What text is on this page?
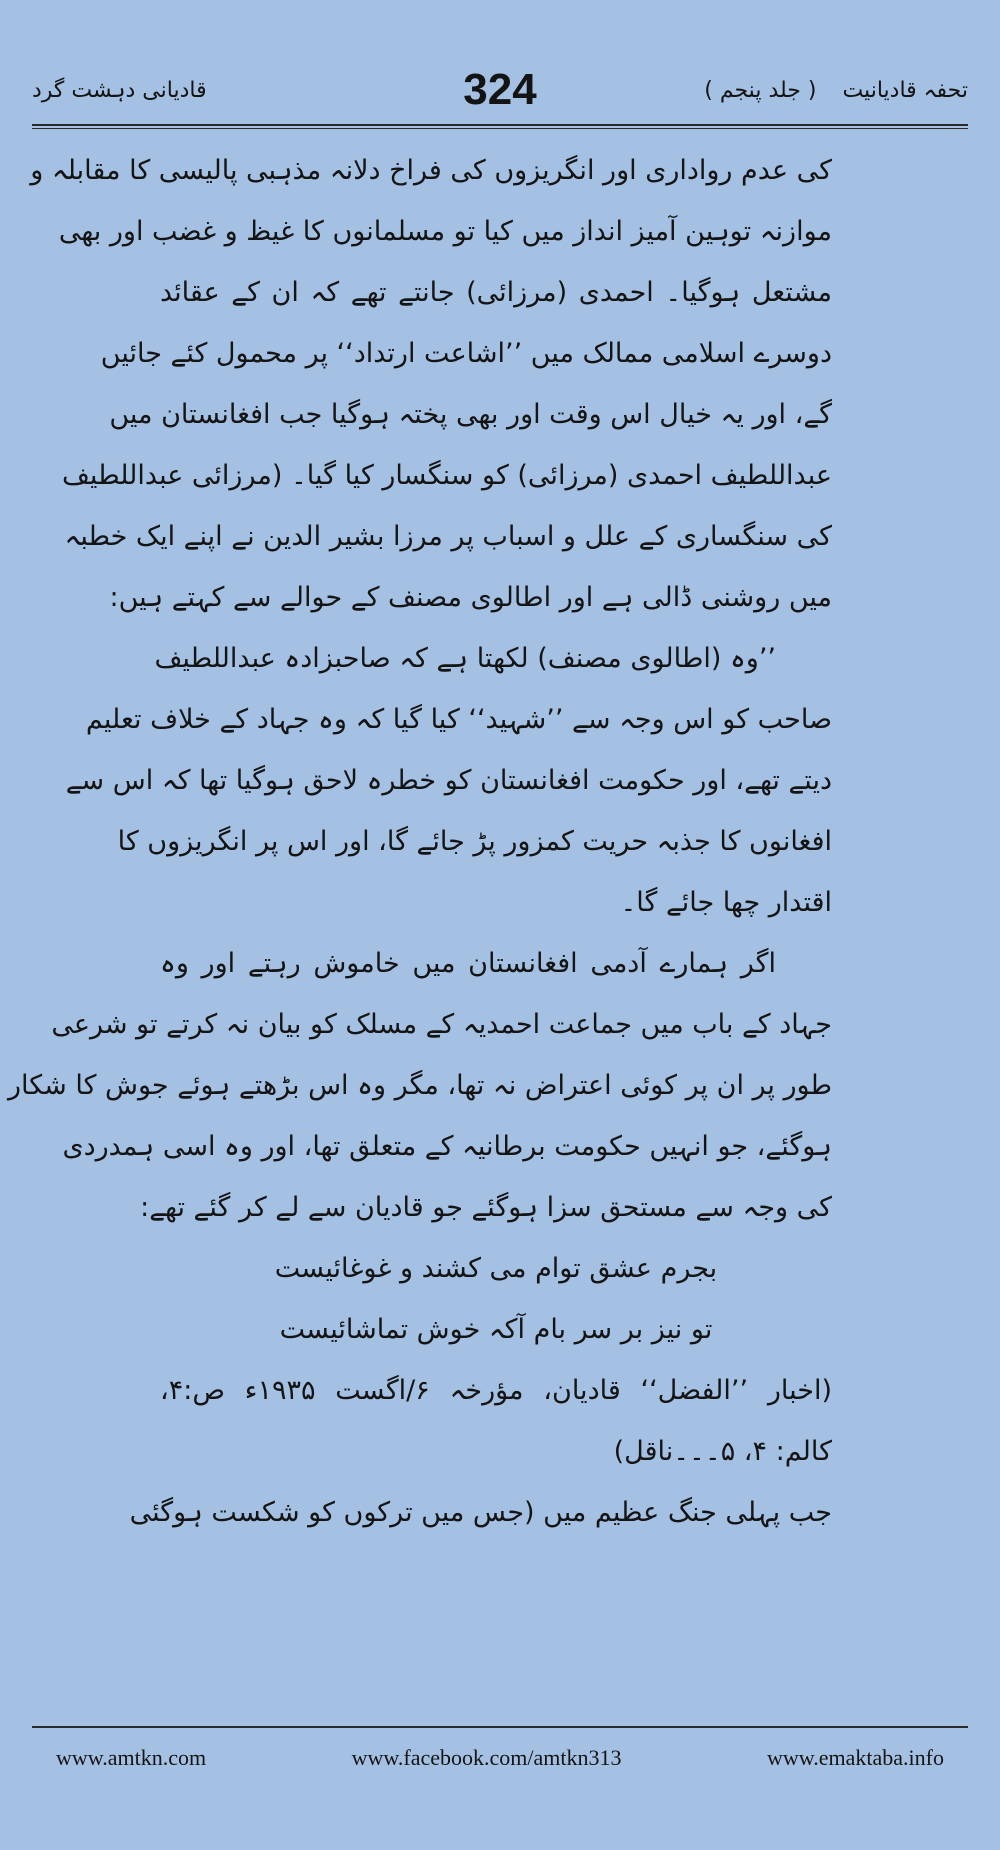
قادیانی دہشت گرد	324	تحفہ قادیانیت
( جلد پنجم )
کی عدم رواداری اور انگریزوں کی فراخ دلانہ مذہبی پالیسی کا مقابلہ و
موازنہ توہین آمیز انداز میں کیا تو مسلمانوں کا غیظ و غضب اور بھی
مشتعل ہوگیا۔ احمدی (مرزائی) جانتے تھے کہ ان کے عقائد
دوسرے اسلامی ممالک میں ’’اشاعت ارتداد‘‘ پر محمول کئے جائیں
گے، اور یہ خیال اس وقت اور بھی پختہ ہوگیا جب افغانستان میں
عبداللطیف احمدی (مرزائی) کو سنگسار کیا گیا۔ (مرزائی عبداللطیف
کی سنگساری کے علل و اسباب پر مرزا بشیر الدین نے اپنے ایک خطبہ
میں روشنی ڈالی ہے اور اطالوی مصنف کے حوالے سے کہتے ہیں:
’’وہ (اطالوی مصنف) لکھتا ہے کہ صاحبزادہ عبداللطیف
صاحب کو اس وجہ سے ’’شہید‘‘ کیا گیا کہ وہ جہاد کے خلاف تعلیم
دیتے تھے، اور حکومت افغانستان کو خطرہ لاحق ہوگیا تھا کہ اس سے
افغانوں کا جذبہ حریت کمزور پڑ جائے گا، اور اس پر انگریزوں کا
اقتدار چھا جائے گا۔
اگر ہمارے آدمی افغانستان میں خاموش رہتے اور وہ
جہاد کے باب میں جماعت احمدیہ کے مسلک کو بیان نہ کرتے تو شرعی
طور پر ان پر کوئی اعتراض نہ تھا، مگر وہ اس بڑھتے ہوئے جوش کا شکار
ہوگئے، جو انہیں حکومت برطانیہ کے متعلق تھا، اور وہ اسی ہمدردی
کی وجہ سے مستحق سزا ہوگئے جو قادیان سے لے کر گئے تھے:
بجرم عشق توام می کشند و غوغائیست
تو نیز بر سر بام آکہ خوش تماشائیست
(اخبار ’’الفضل‘‘ قادیان، مؤرخہ ۶/اگست ۱۹۳۵ء ص:۴،
کالم: ۴، ۵۔۔۔ناقل)
جب پہلی جنگ عظیم میں (جس میں ترکوں کو شکست ہوگئی
www.amtkn.com	www.facebook.com/amtkn313	www.emaktaba.info
